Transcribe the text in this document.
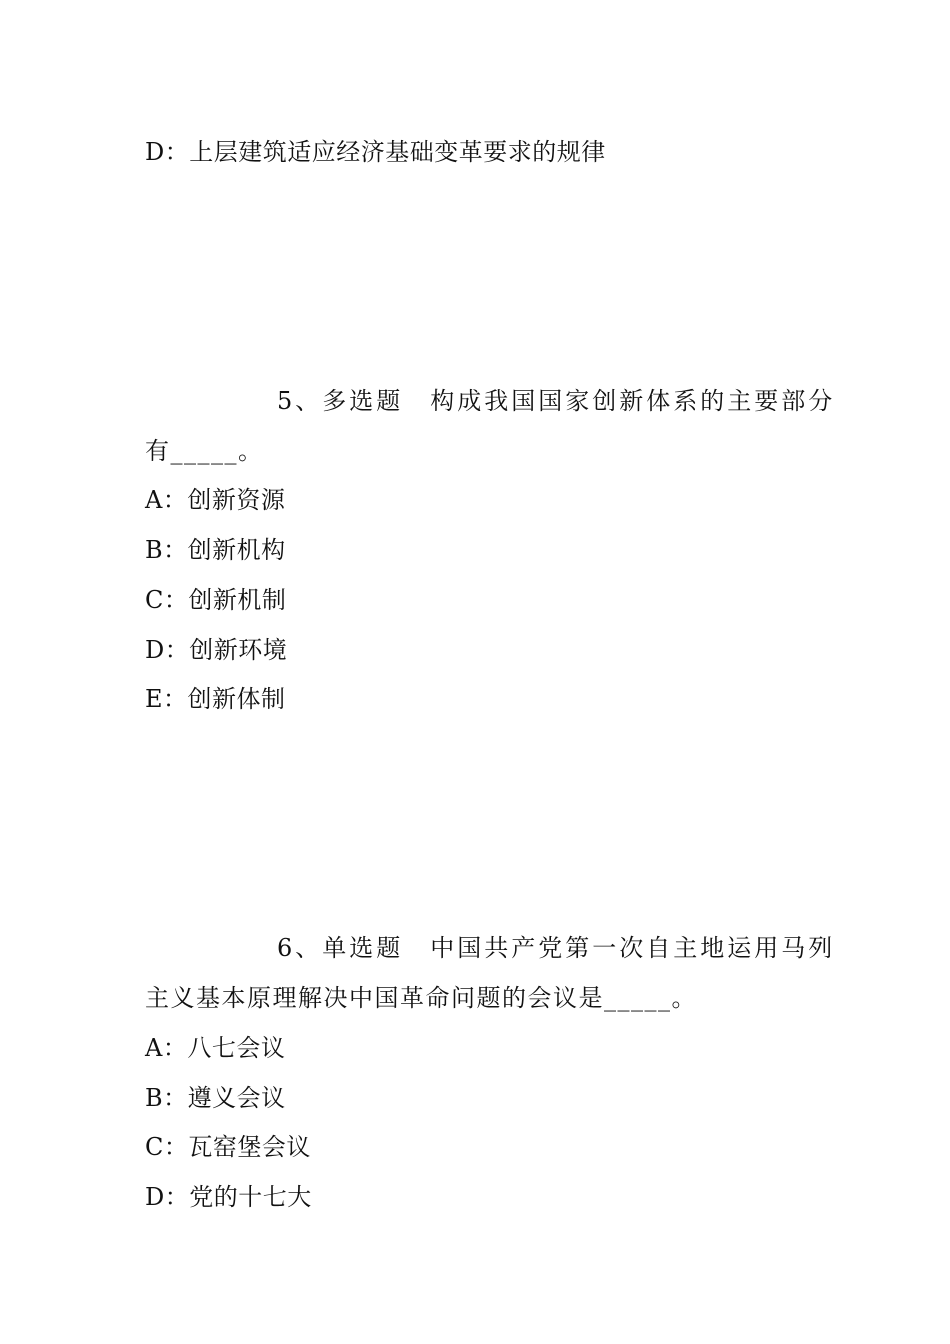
D：上层建筑适应经济基础变革要求的规律
5、多选题　构成我国国家创新体系的主要部分
有_____。
A：创新资源
B：创新机构
C：创新机制
D：创新环境
E：创新体制
6、单选题　中国共产党第一次自主地运用马列
主义基本原理解决中国革命问题的会议是_____。
A：八七会议
B：遵义会议
C：瓦窑堡会议
D：党的十七大
